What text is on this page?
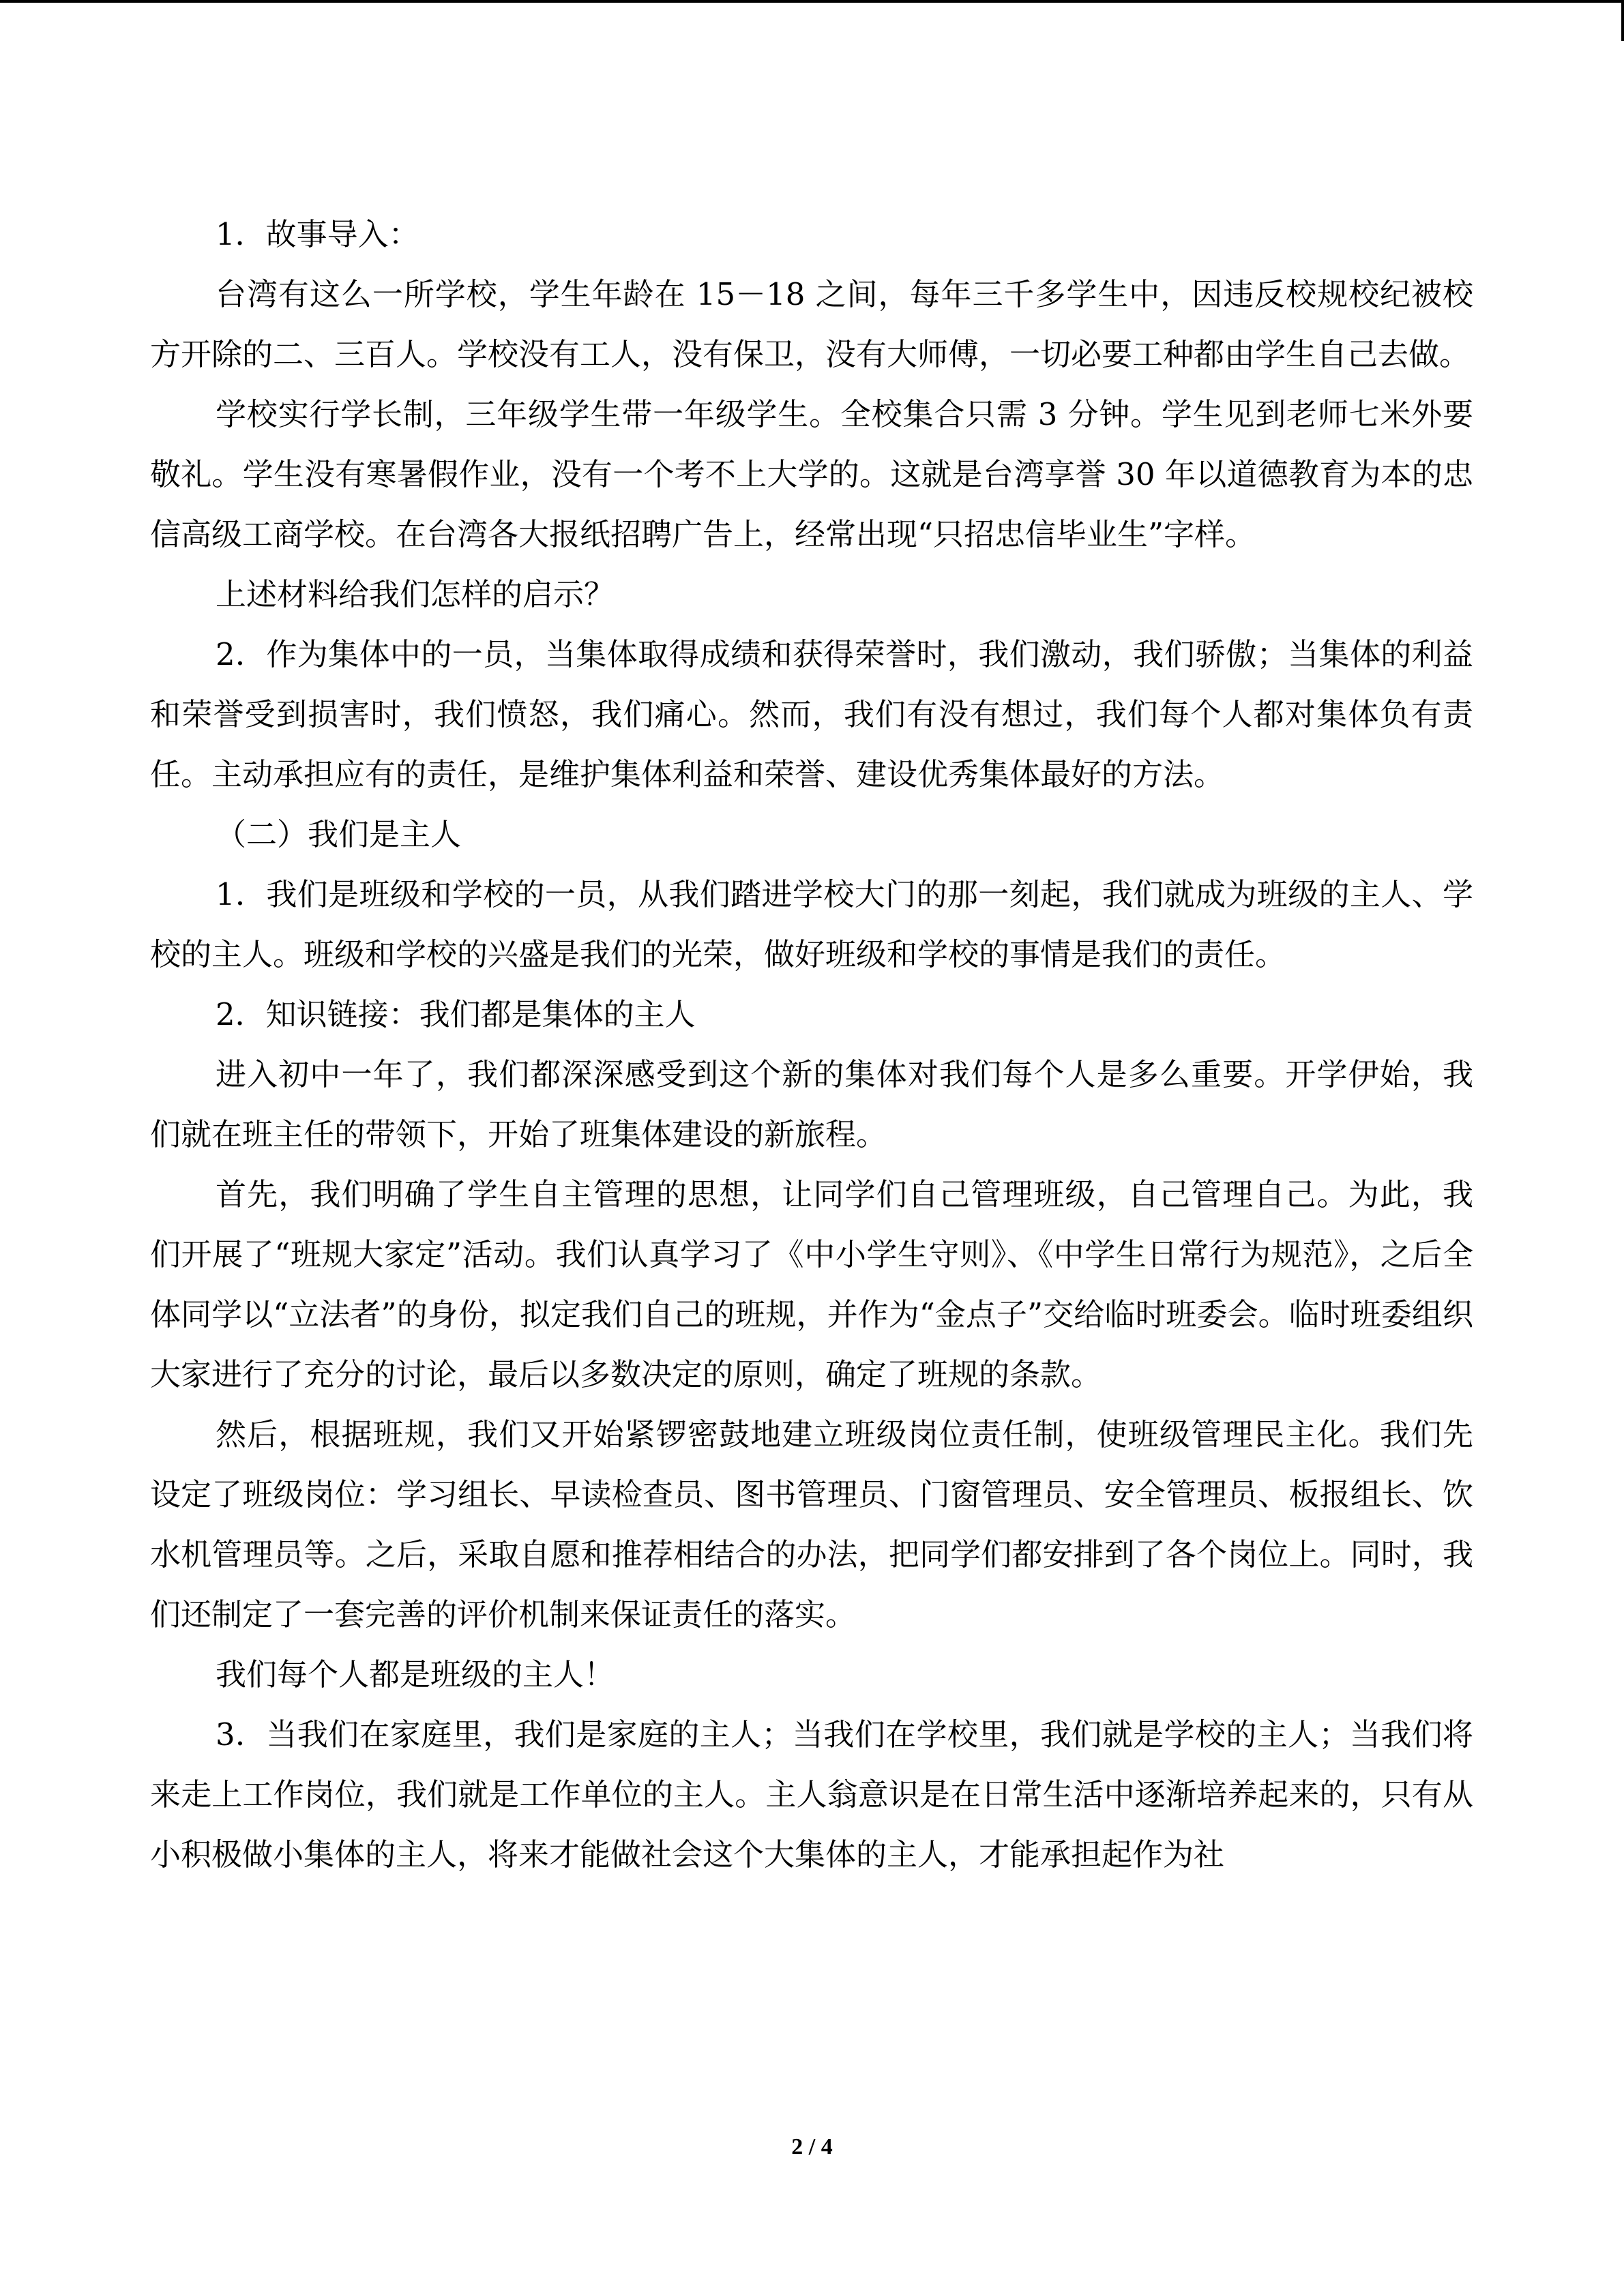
1．故事导入：

台湾有这么一所学校，学生年龄在 15－18 之间，每年三千多学生中，因违反校规校纪被校方开除的二、三百人。学校没有工人，没有保卫，没有大师傅，一切必要工种都由学生自己去做。

学校实行学长制，三年级学生带一年级学生。全校集合只需 3 分钟。学生见到老师七米外要敬礼。学生没有寒暑假作业，没有一个考不上大学的。这就是台湾享誉 30 年以道德教育为本的忠信高级工商学校。在台湾各大报纸招聘广告上，经常出现“只招忠信毕业生”字样。

上述材料给我们怎样的启示？

2．作为集体中的一员，当集体取得成绩和获得荣誉时，我们激动，我们骄傲；当集体的利益和荣誉受到损害时，我们愤怒，我们痛心。然而，我们有没有想过，我们每个人都对集体负有责任。主动承担应有的责任，是维护集体利益和荣誉、建设优秀集体最好的方法。

（二）我们是主人

1．我们是班级和学校的一员，从我们踏进学校大门的那一刻起，我们就成为班级的主人、学校的主人。班级和学校的兴盛是我们的光荣，做好班级和学校的事情是我们的责任。

2．知识链接：我们都是集体的主人

进入初中一年了，我们都深深感受到这个新的集体对我们每个人是多么重要。开学伊始，我们就在班主任的带领下，开始了班集体建设的新旅程。

首先，我们明确了学生自主管理的思想，让同学们自己管理班级，自己管理自己。为此，我们开展了“班规大家定”活动。我们认真学习了《中小学生守则》、《中学生日常行为规范》，之后全体同学以“立法者”的身份，拟定我们自己的班规，并作为“金点子”交给临时班委会。临时班委组织大家进行了充分的讨论，最后以多数决定的原则，确定了班规的条款。

然后，根据班规，我们又开始紧锣密鼓地建立班级岗位责任制，使班级管理民主化。我们先设定了班级岗位：学习组长、早读检查员、图书管理员、门窗管理员、安全管理员、板报组长、饮水机管理员等。之后，采取自愿和推荐相结合的办法，把同学们都安排到了各个岗位上。同时，我们还制定了一套完善的评价机制来保证责任的落实。

我们每个人都是班级的主人！

3．当我们在家庭里，我们是家庭的主人；当我们在学校里，我们就是学校的主人；当我们将来走上工作岗位，我们就是工作单位的主人。主人翁意识是在日常生活中逐渐培养起来的，只有从小积极做小集体的主人，将来才能做社会这个大集体的主人，才能承担起作为社

2 / 4
